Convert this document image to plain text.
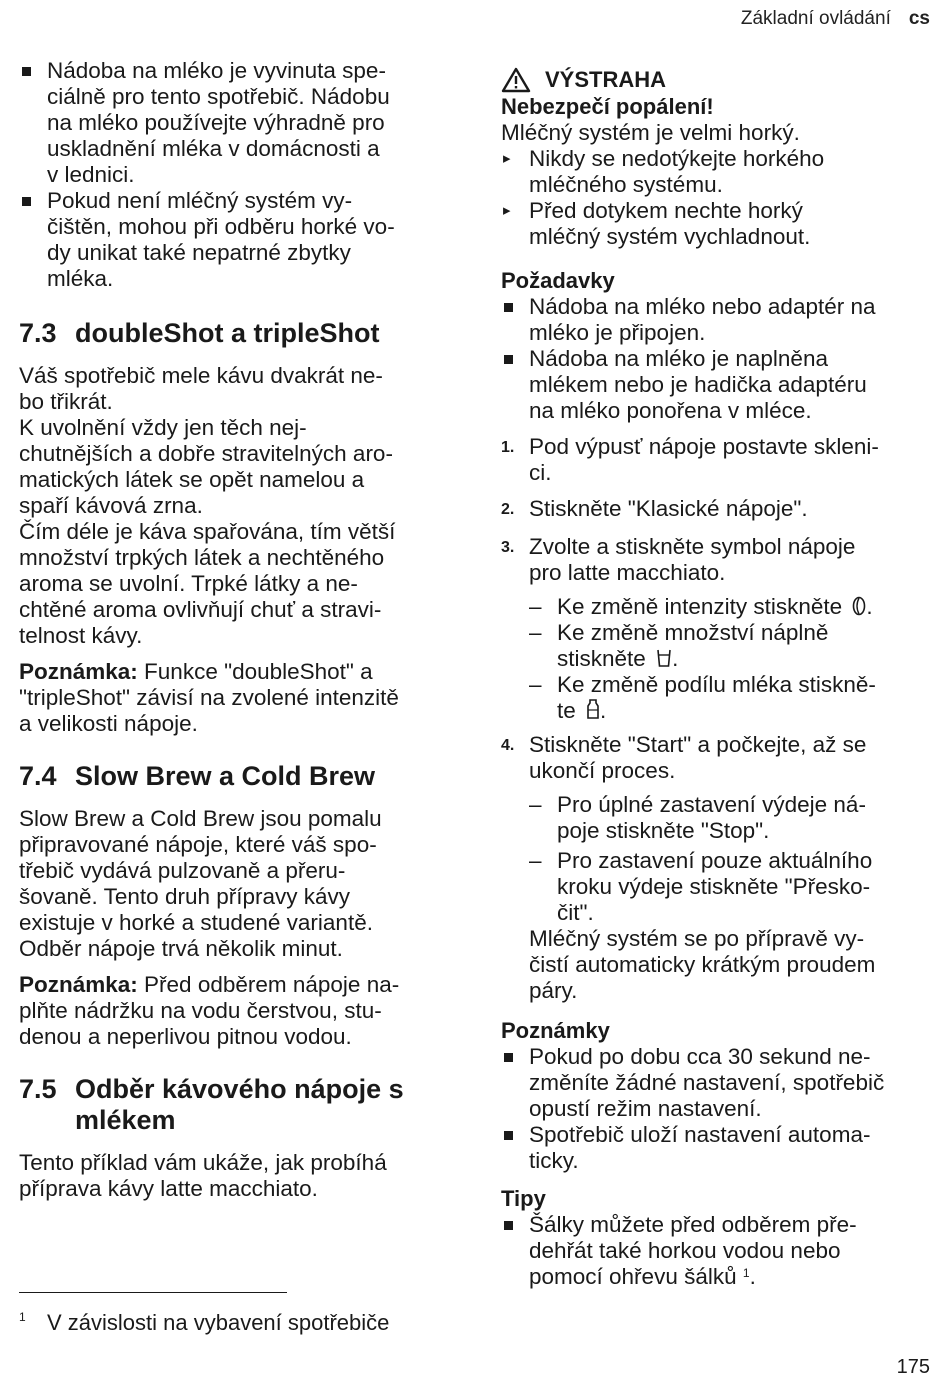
Základní ovládání cs
Nádoba na mléko je vyvinuta spe-
ciálně pro tento spotřebič. Nádobu
na mléko používejte výhradně pro
uskladnění mléka v domácnosti a
v lednici.
Pokud není mléčný systém vy-
čištěn, mohou při odběru horké vo-
dy unikat také nepatrné zbytky
mléka.
7.3 doubleShot a tripleShot

Váš spotřebič mele kávu dvakrát ne-

bo třikrát.

K uvolnění vždy jen těch nej-

chutnějších a dobře stravitelných aro-

matických látek se opět namelou a

spaří kávová zrna.

Čím déle je káva spařována, tím větší

množství trpkých látek a nechtěného

aroma se uvolní. Trpké látky a ne-

chtěné aroma ovlivňují chuť a stravi-

telnost kávy.

Poznámka: Funkce "doubleShot" a

"tripleShot" závisí na zvolené intenzitě

a velikosti nápoje.

7.4 Slow Brew a Cold Brew

Slow Brew a Cold Brew jsou pomalu

připravované nápoje, které váš spo-

třebič vydává pulzovaně a přeru-

šovaně. Tento druh přípravy kávy

existuje v horké a studené variantě.

Odběr nápoje trvá několik minut.

Poznámka: Před odběrem nápoje na-

plňte nádržku na vodu čerstvou, stu-

denou a neperlivou pitnou vodou.

7.5 Odběr kávového nápoje s
mlékem

Tento příklad vám ukáže, jak probíhá

příprava kávy latte macchiato.

1 V závislosti na vybavení spotřebiče
VÝSTRAHA
Nebezpečí popálení!

Mléčný systém je velmi horký.

▸ Nikdy se nedotýkejte horkého
mléčného systému.
▸ Před dotykem nechte horký
mléčný systém vychladnout.
Požadavky
Nádoba na mléko nebo adaptér na
mléko je připojen.
Nádoba na mléko je naplněna
mlékem nebo je hadička adaptéru
na mléko ponořena v mléce.
1. Pod výpusť nápoje postavte skleni-
ci.
2. Stiskněte "Klasické nápoje".
3. Zvolte a stiskněte symbol nápoje
pro latte macchiato.
– Ke změně intenzity stiskněte .
– Ke změně množství náplně
stiskněte .
– Ke změně podílu mléka stiskně-
te .
4. Stiskněte "Start" a počkejte, až se
ukončí proces.
– Pro úplné zastavení výdeje ná-
poje stiskněte "Stop".
– Pro zastavení pouze aktuálního
kroku výdeje stiskněte "Přesko-
čit".
Mléčný systém se po přípravě vy-
čistí automaticky krátkým proudem
páry.
Poznámky
Pokud po dobu cca 30 sekund ne-
změníte žádné nastavení, spotřebič
opustí režim nastavení.
Spotřebič uloží nastavení automa-
ticky.
Tipy
Šálky můžete před odběrem pře-
dehřát také horkou vodou nebo
pomocí ohřevu šálků $^1$.
175
